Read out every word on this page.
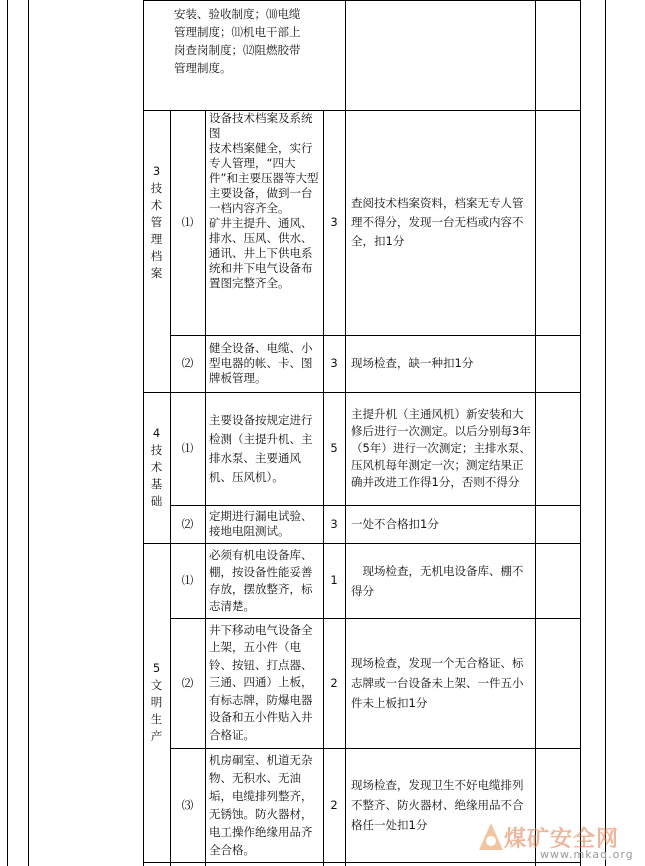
安装、验收制度；⑽电缆管理制度；⑾机电干部上岗查岗制度；⑿阻燃胶带管理制度。
3技术管理档案
⑴
设备技术档案及系统图
技术档案健全，实行专人管理，“四大件”和主要压器等大型主要设备，做到一台一档内容齐全。
矿井主提升、通风、排水、压风、供水、通讯、井上下供电系统和井下电气设备布置图完整齐全。
3
查阅技术档案资料，档案无专人管理不得分，发现一台无档或内容不全，扣1分
⑵
健全设备、电缆、小型电器的帐、卡、图牌板管理。
3	现场检查，缺一种扣1分
4技术基础
⑴
主要设备按规定进行检测（主提升机、主排水泵、主要通风机、压风机）。
5
主提升机（主通风机）新安装和大修后进行一次测定。以后分别每3年（5年）进行一次测定；主排水泵、压风机每年测定一次；测定结果正确并改进工作得1分，否则不得分
⑵
定期进行漏电试验、接地电阻测试。
3	一处不合格扣1分
5文明生产
⑴
必须有机电设备库、棚，按设备性能妥善存放，摆放整齐，标志清楚。
1
　现场检查，无机电设备库、棚不得分
⑵
井下移动电气设备全上架，五小件（电铃、按钮、打点器、三通、四通）上板，有标志牌，防爆电器设备和五小件贴入井合格证。
2
现场检查，发现一个无合格证、标志牌或一台设备未上架、一件五小件未上板扣1分
⑶
机房硐室、机道无杂物、无积水、无油垢，电缆排列整齐，无锈蚀。防火器材，电工操作绝缘用品齐全合格。
2
现场检查，发现卫生不好电缆排列不整齐、防火器材、绝缘用品不合格任一处扣1分
煤矿安全网
www.mkaq.org
